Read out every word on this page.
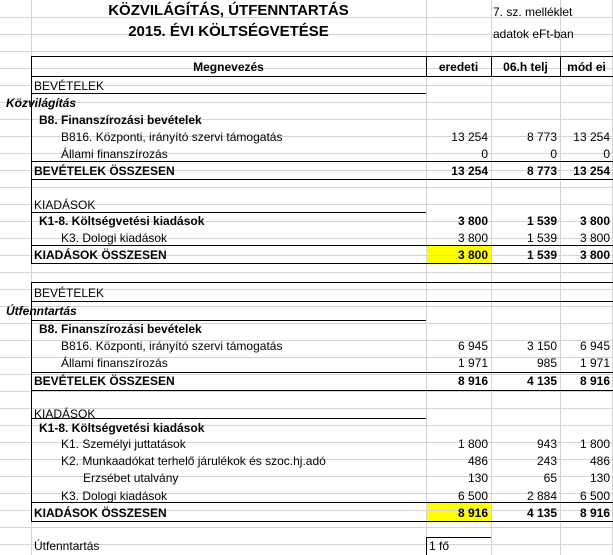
KÖZVILÁGÍTÁS, ÚTFENNTARTÁS
2015. ÉVI KÖLTSÉGVETÉSE
7. sz. melléklet
adatok eFt-ban
Megnevezés	eredeti	06.h telj	mód ei
BEVÉTELEK
Közvilágítás
B8. Finanszírozási bevételek
B816. Központi, irányító szervi támogatás	13 254	8 773	13 254
Állami finanszírozás	0	0	0
BEVÉTELEK ÖSSZESEN	13 254	8 773	13 254
KIADÁSOK
K1-8. Költségvetési kiadások	3 800	1 539	3 800
K3. Dologi kiadások	3 800	1 539	3 800
KIADÁSOK ÖSSZESEN	3 800	1 539	3 800
BEVÉTELEK
Útfenntartás
B8. Finanszírozási bevételek
B816. Központi, irányító szervi támogatás	6 945	3 150	6 945
Állami finanszírozás	1 971	985	1 971
BEVÉTELEK ÖSSZESEN	8 916	4 135	8 916
KIADÁSOK
K1-8. Költségvetési kiadások
K1. Személyi juttatások	1 800	943	1 800
K2. Munkaadókat terhelő járulékok és szoc.hj.adó	486	243	486
Erzsébet utalvány	130	65	130
K3. Dologi kiadások	6 500	2 884	6 500
KIADÁSOK ÖSSZESEN	8 916	4 135	8 916
Útfenntartás	1 fő
